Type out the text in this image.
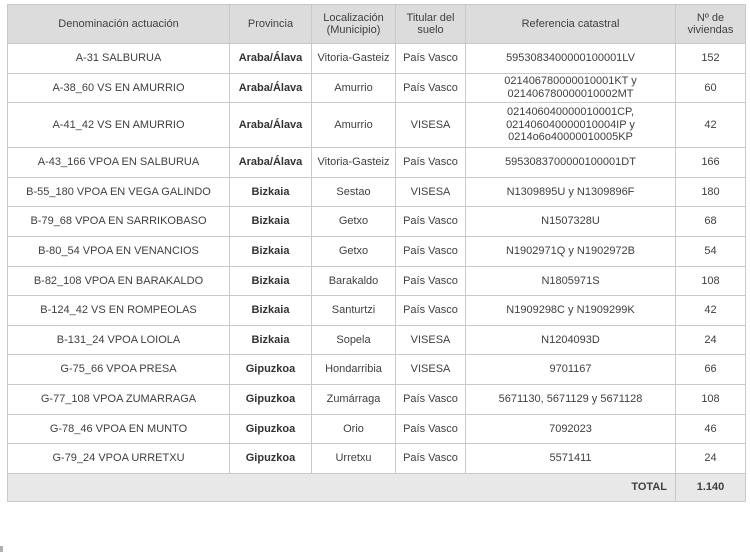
Denominación actuación	Provincia	Localización (Municipio)	Titular del suelo	Referencia catastral	Nº de viviendas
A-31 SALBURUA	Araba/Álava	Vitoria-Gasteiz	País Vasco	5953083400000100001LV	152
A-38_60 VS EN AMURRIO	Araba/Álava	Amurrio	País Vasco	021406780000010001KT y 021406780000010002MT	60
A-41_42 VS EN AMURRIO	Araba/Álava	Amurrio	VISESA	021406040000010001CP, 021406040000010004IP y 0214o6o40000010005KP	42
A-43_166 VPOA EN SALBURUA	Araba/Álava	Vitoria-Gasteiz	País Vasco	5953083700000100001DT	166
B-55_180 VPOA EN VEGA GALINDO	Bizkaia	Sestao	VISESA	N1309895U y N1309896F	180
B-79_68 VPOA EN SARRIKOBASO	Bizkaia	Getxo	País Vasco	N1507328U	68
B-80_54 VPOA EN VENANCIOS	Bizkaia	Getxo	País Vasco	N1902971Q y N1902972B	54
B-82_108 VPOA EN BARAKALDO	Bizkaia	Barakaldo	País Vasco	N1805971S	108
B-124_42 VS EN ROMPEOLAS	Bizkaia	Santurtzi	País Vasco	N1909298C y N1909299K	42
B-131_24 VPOA LOIOLA	Bizkaia	Sopela	VISESA	N1204093D	24
G-75_66 VPOA PRESA	Gipuzkoa	Hondarribia	VISESA	9701167	66
G-77_108 VPOA ZUMARRAGA	Gipuzkoa	Zumárraga	País Vasco	5671130, 5671129 y 5671128	108
G-78_46 VPOA EN MUNTO	Gipuzkoa	Orio	País Vasco	7092023	46
G-79_24 VPOA URRETXU	Gipuzkoa	Urretxu	País Vasco	5571411	24
TOTAL					1.140
